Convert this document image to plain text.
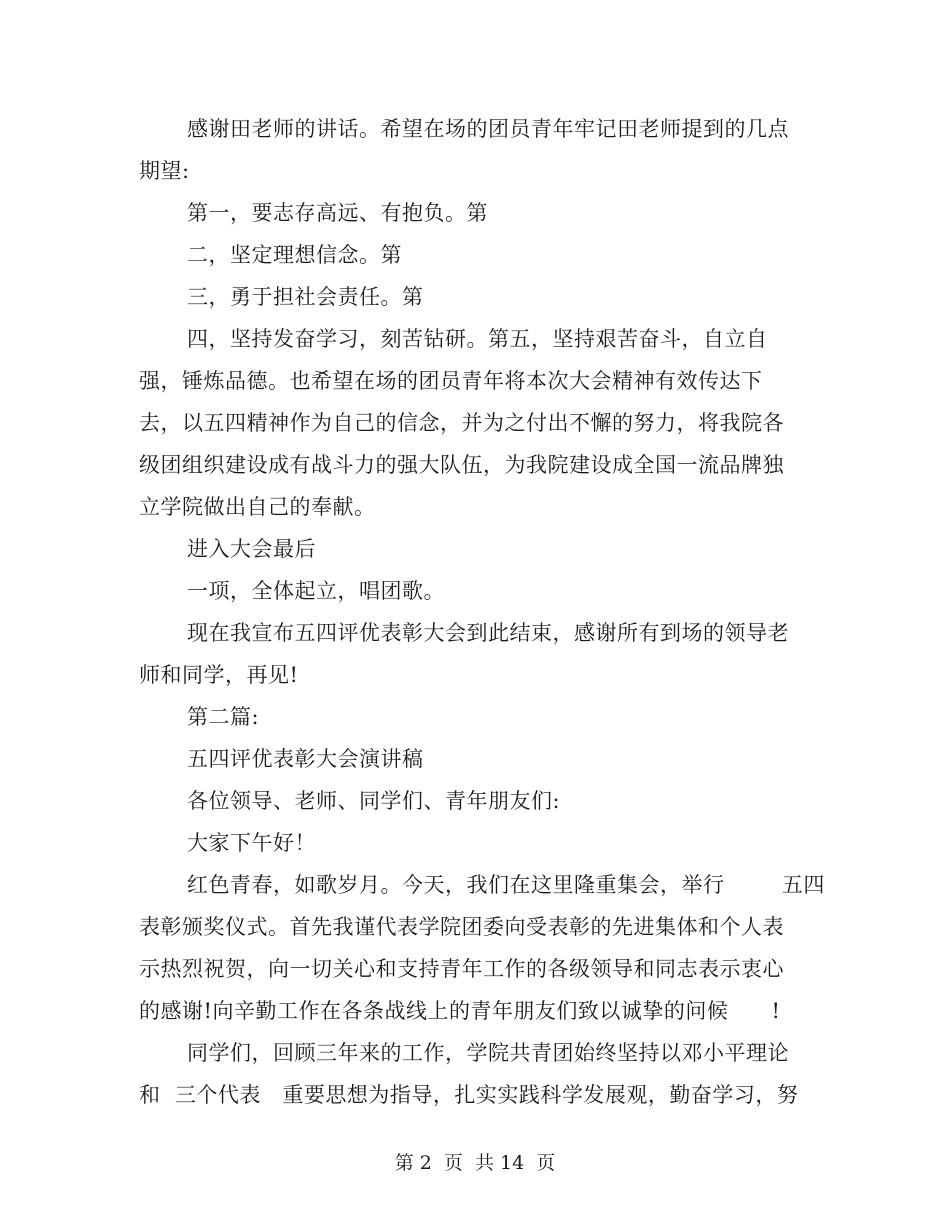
感谢田老师的讲话。希望在场的团员青年牢记田老师提到的几点
期望:
第一，要志存高远、有抱负。第
二，坚定理想信念。第
三，勇于担社会责任。第
四，坚持发奋学习，刻苦钻研。第五，坚持艰苦奋斗，自立自
强，锤炼品德。也希望在场的团员青年将本次大会精神有效传达下
去，以五四精神作为自己的信念，并为之付出不懈的努力，将我院各
级团组织建设成有战斗力的强大队伍，为我院建设成全国一流品牌独
立学院做出自己的奉献。
进入大会最后
一项，全体起立，唱团歌。
现在我宣布五四评优表彰大会到此结束，感谢所有到场的领导老
师和同学，再见!
第二篇:
五四评优表彰大会演讲稿
各位领导、老师、同学们、青年朋友们:
大家下午好！
红色青春，如歌岁月。今天，我们在这里隆重集会，举行        五四
表彰颁奖仪式。首先我谨代表学院团委向受表彰的先进集体和个人表
示热烈祝贺，向一切关心和支持青年工作的各级领导和同志表示衷心
的感谢!向辛勤工作在各条战线上的青年朋友们致以诚挚的问候      !
同学们，回顾三年来的工作，学院共青团始终坚持以邓小平理论
和  三个代表   重要思想为指导，扎实实践科学发展观，勤奋学习，努
第 2  页  共 14  页
